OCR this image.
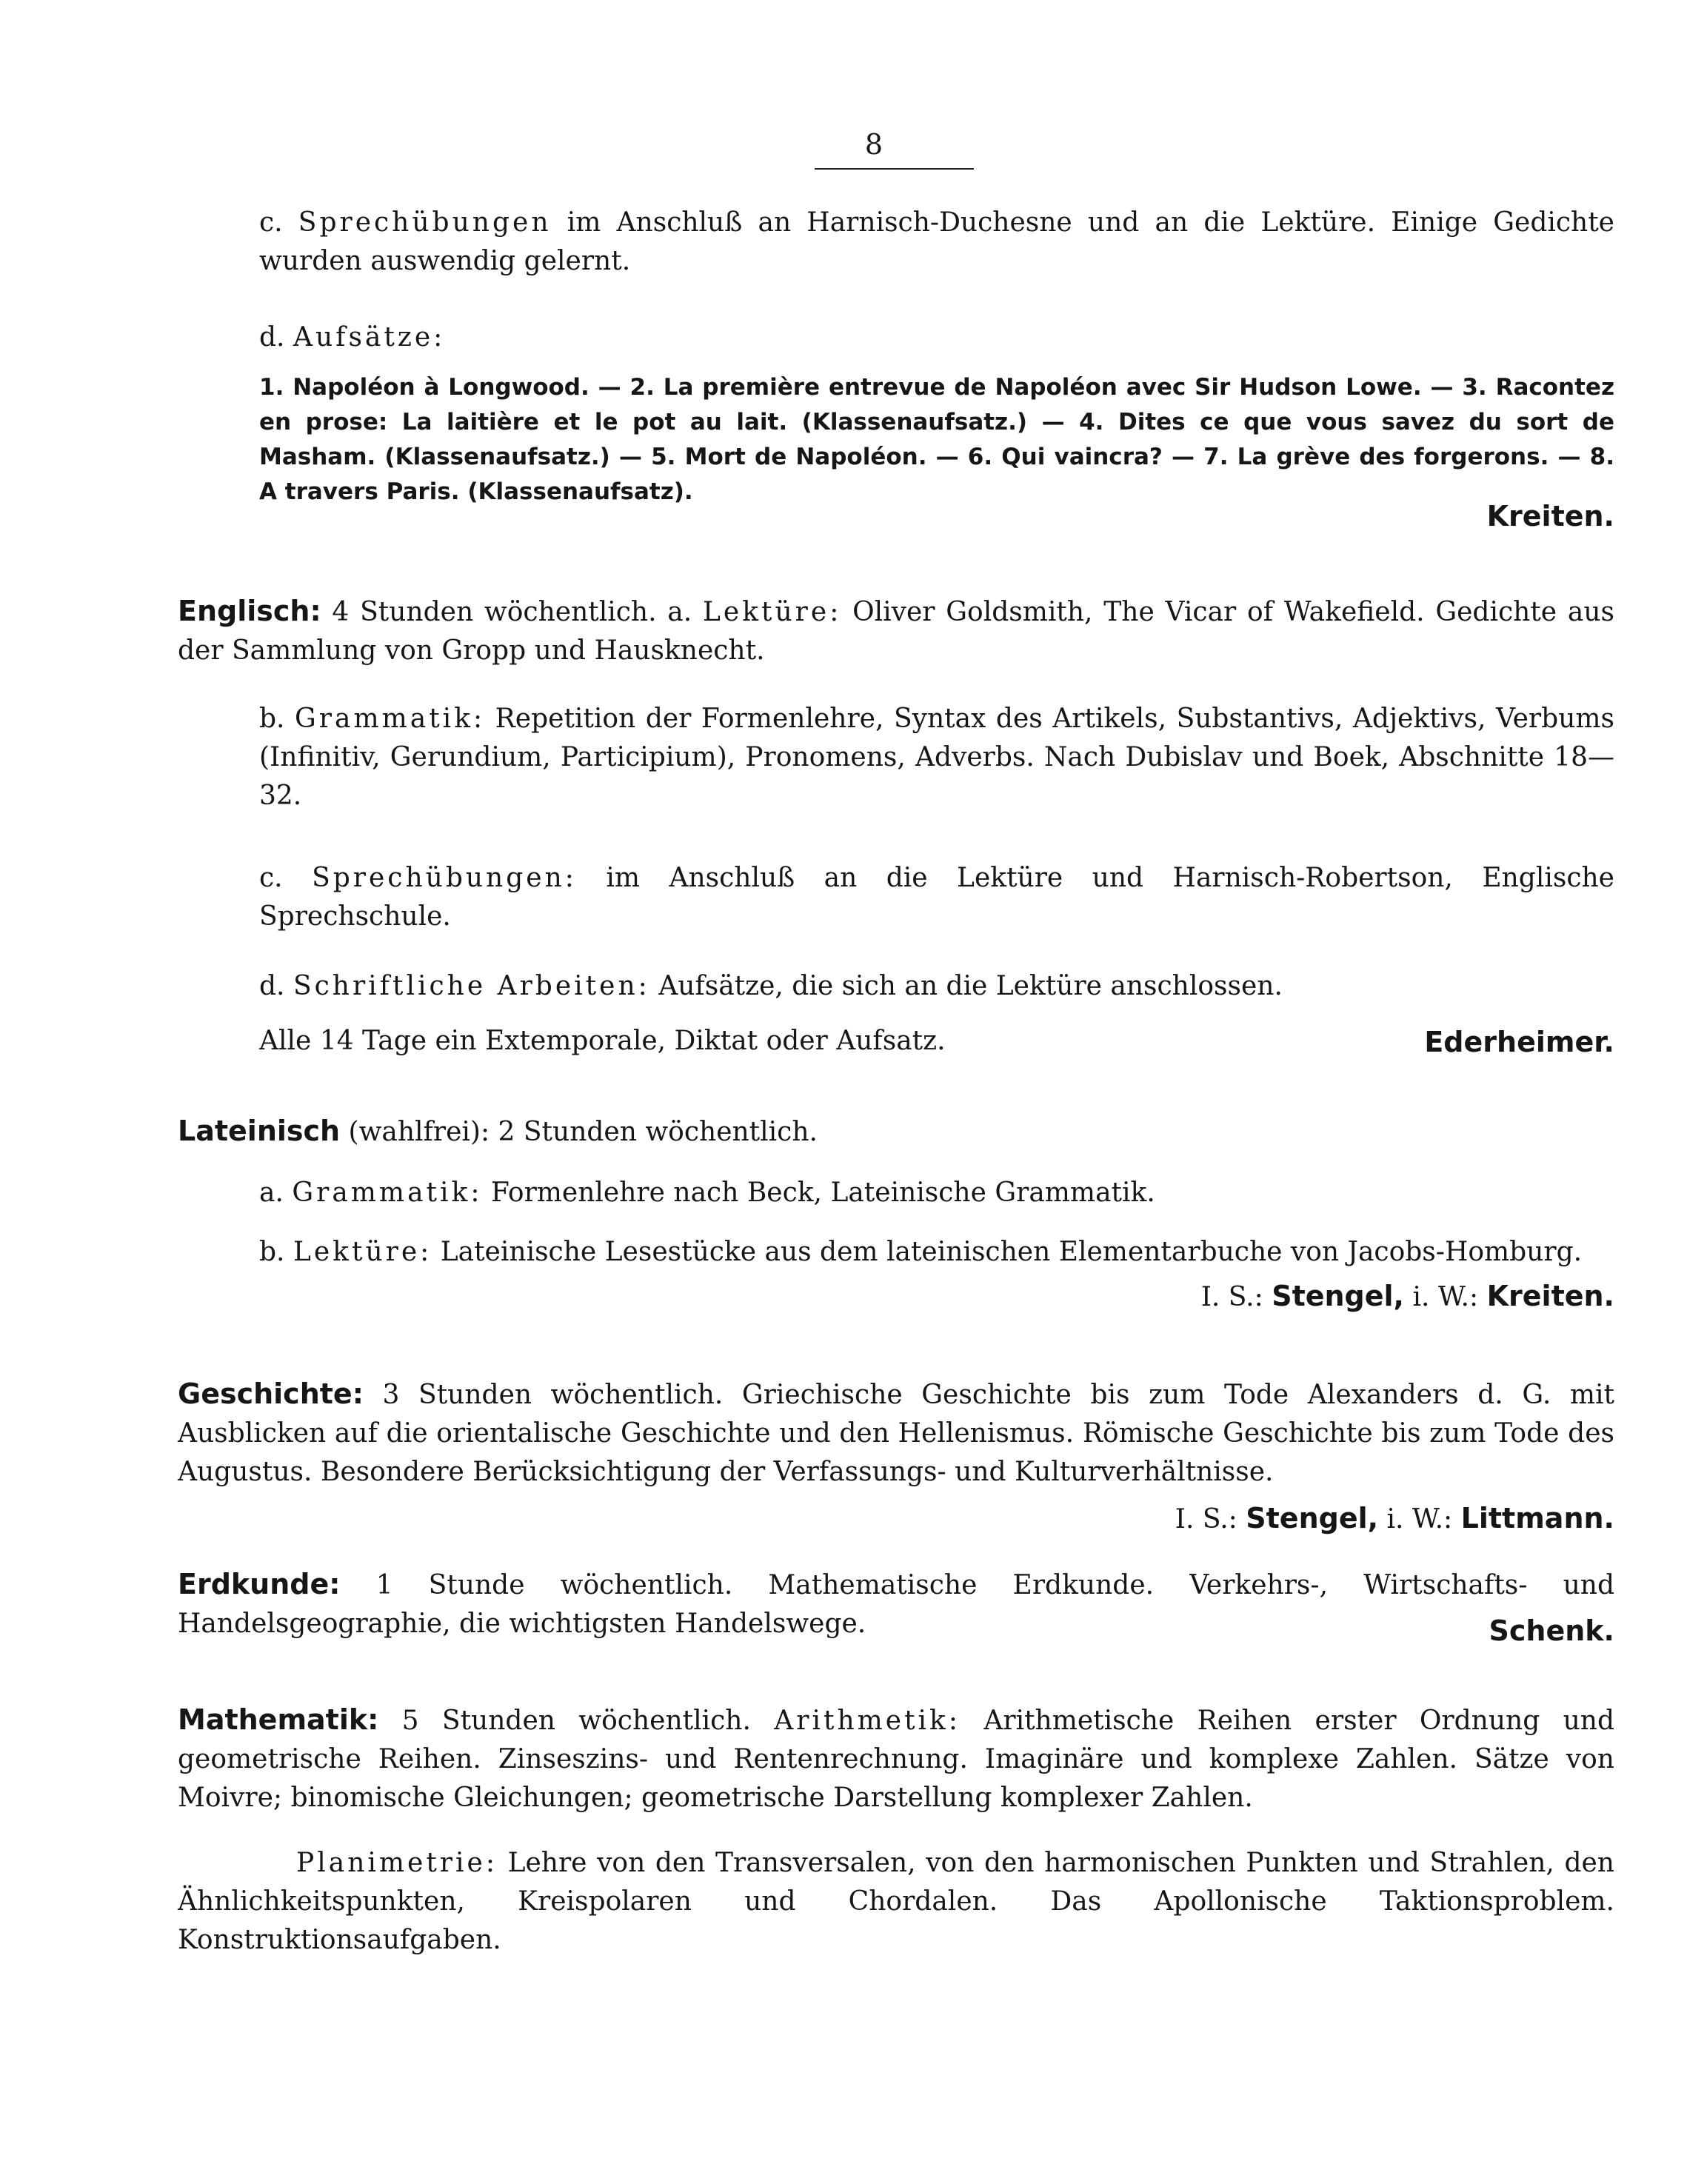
8
c. Sprechübungen im Anschluß an Harnisch-Duchesne und an die Lektüre. Einige Gedichte wurden auswendig gelernt.
d. Aufsätze:
1. Napoléon à Longwood. — 2. La première entrevue de Napoléon avec Sir Hudson Lowe. — 3. Racontez en prose: La laitière et le pot au lait. (Klassenaufsatz.) — 4. Dites ce que vous savez du sort de Masham. (Klassenaufsatz.) — 5. Mort de Napoléon. — 6. Qui vaincra? — 7. La grève des forgerons. — 8. A travers Paris. (Klassenaufsatz).
Kreiten.
Englisch: 4 Stunden wöchentlich. a. Lektüre: Oliver Goldsmith, The Vicar of Wakefield. Gedichte aus der Sammlung von Gropp und Hausknecht.
b. Grammatik: Repetition der Formenlehre, Syntax des Artikels, Substantivs, Adjektivs, Verbums (Infinitiv, Gerundium, Participium), Pronomens, Adverbs. Nach Dubislav und Boek, Abschnitte 18—32.
c. Sprechübungen: im Anschluß an die Lektüre und Harnisch-Robertson, Englische Sprechschule.
d. Schriftliche Arbeiten: Aufsätze, die sich an die Lektüre anschlossen.
Alle 14 Tage ein Extemporale, Diktat oder Aufsatz.	Ederheimer.
Lateinisch (wahlfrei): 2 Stunden wöchentlich.
a. Grammatik: Formenlehre nach Beck, Lateinische Grammatik.
b. Lektüre: Lateinische Lesestücke aus dem lateinischen Elementarbuche von Jacobs-Homburg.
I. S.: Stengel, i. W.: Kreiten.
Geschichte: 3 Stunden wöchentlich. Griechische Geschichte bis zum Tode Alexanders d. G. mit Ausblicken auf die orientalische Geschichte und den Hellenismus. Römische Geschichte bis zum Tode des Augustus. Besondere Berücksichtigung der Verfassungs- und Kulturverhältnisse.
I. S.: Stengel, i. W.: Littmann.
Erdkunde: 1 Stunde wöchentlich. Mathematische Erdkunde. Verkehrs-, Wirtschafts- und Handelsgeographie, die wichtigsten Handelswege.	Schenk.
Mathematik: 5 Stunden wöchentlich. Arithmetik: Arithmetische Reihen erster Ordnung und geometrische Reihen. Zinseszins- und Rentenrechnung. Imaginäre und komplexe Zahlen. Sätze von Moivre; binomische Gleichungen; geometrische Darstellung komplexer Zahlen.
Planimetrie: Lehre von den Transversalen, von den harmonischen Punkten und Strahlen, den Ähnlichkeitspunkten, Kreispolaren und Chordalen. Das Apollonische Taktionsproblem. Konstruktionsaufgaben.
